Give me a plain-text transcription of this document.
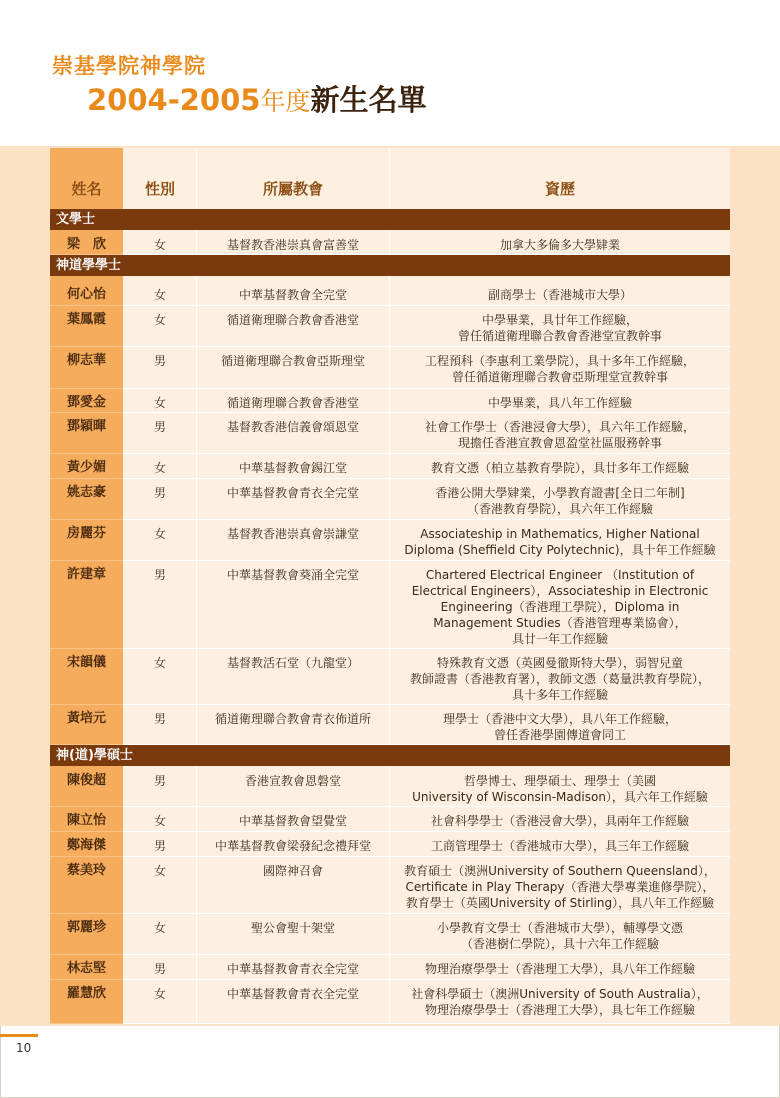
崇基學院神學院
2004-2005年度新生名單
姓名	性別	所屬教會	資歷
文學士
梁　欣	女	基督教香港崇真會富善堂	加拿大多倫多大學肄業
神道學學士
何心怡	女	中華基督教會全完堂	副商學士（香港城市大學）
葉鳳霞	女	循道衛理聯合教會香港堂	中學畢業，具廿年工作經驗，
曾任循道衛理聯合教會香港堂宣教幹事
柳志華	男	循道衛理聯合教會亞斯理堂	工程預科（李惠利工業學院），具十多年工作經驗，
曾任循道衛理聯合教會亞斯理堂宣教幹事
鄧愛金	女	循道衛理聯合教會香港堂	中學畢業，具八年工作經驗
鄧穎暉	男	基督教香港信義會頌恩堂	社會工作學士（香港浸會大學），具六年工作經驗，
現擔任香港宣教會恩盈堂社區服務幹事
黃少媚	女	中華基督教會錫江堂	教育文憑（柏立基教育學院），具廿多年工作經驗
姚志豪	男	中華基督教會青衣全完堂	香港公開大學肄業，小學教育證書[全日二年制]
（香港教育學院），具六年工作經驗
房麗芬	女	基督教香港崇真會崇謙堂	Associateship in Mathematics, Higher National
Diploma (Sheffield City Polytechnic)，具十年工作經驗
許建章	男	中華基督教會葵涌全完堂	Chartered Electrical Engineer （Institution of
Electrical Engineers），Associateship in Electronic
Engineering（香港理工學院），Diploma in
Management Studies（香港管理專業協會），
具廿一年工作經驗
宋韻儀	女	基督教活石堂（九龍堂）	特殊教育文憑（英國曼徹斯特大學），弱智兒童
教師證書（香港教育署），教師文憑（葛量洪教育學院），
具十多年工作經驗
黃培元	男	循道衛理聯合教會青衣佈道所	理學士（香港中文大學），具八年工作經驗，
曾任香港學園傳道會同工
神(道)學碩士
陳俊超	男	香港宣教會恩磐堂	哲學博士、理學碩士、理學士（美國
University of Wisconsin-Madison），具六年工作經驗
陳立怡	女	中華基督教會望覺堂	社會科學學士（香港浸會大學），具兩年工作經驗
鄭海傑	男	中華基督教會梁發紀念禮拜堂	工商管理學士（香港城市大學），具三年工作經驗
蔡美玲	女	國際神召會	教育碩士（澳洲University of Southern Queensland），
Certificate in Play Therapy（香港大學專業進修學院），
教育學士（英國University of Stirling），具八年工作經驗
郭麗珍	女	聖公會聖十架堂	小學教育文學士（香港城市大學），輔導學文憑
（香港樹仁學院），具十六年工作經驗
林志堅	男	中華基督教會青衣全完堂	物理治療學學士（香港理工大學），具八年工作經驗
羅慧欣	女	中華基督教會青衣全完堂	社會科學碩士（澳洲University of South Australia），
物理治療學學士（香港理工大學），具七年工作經驗
10
